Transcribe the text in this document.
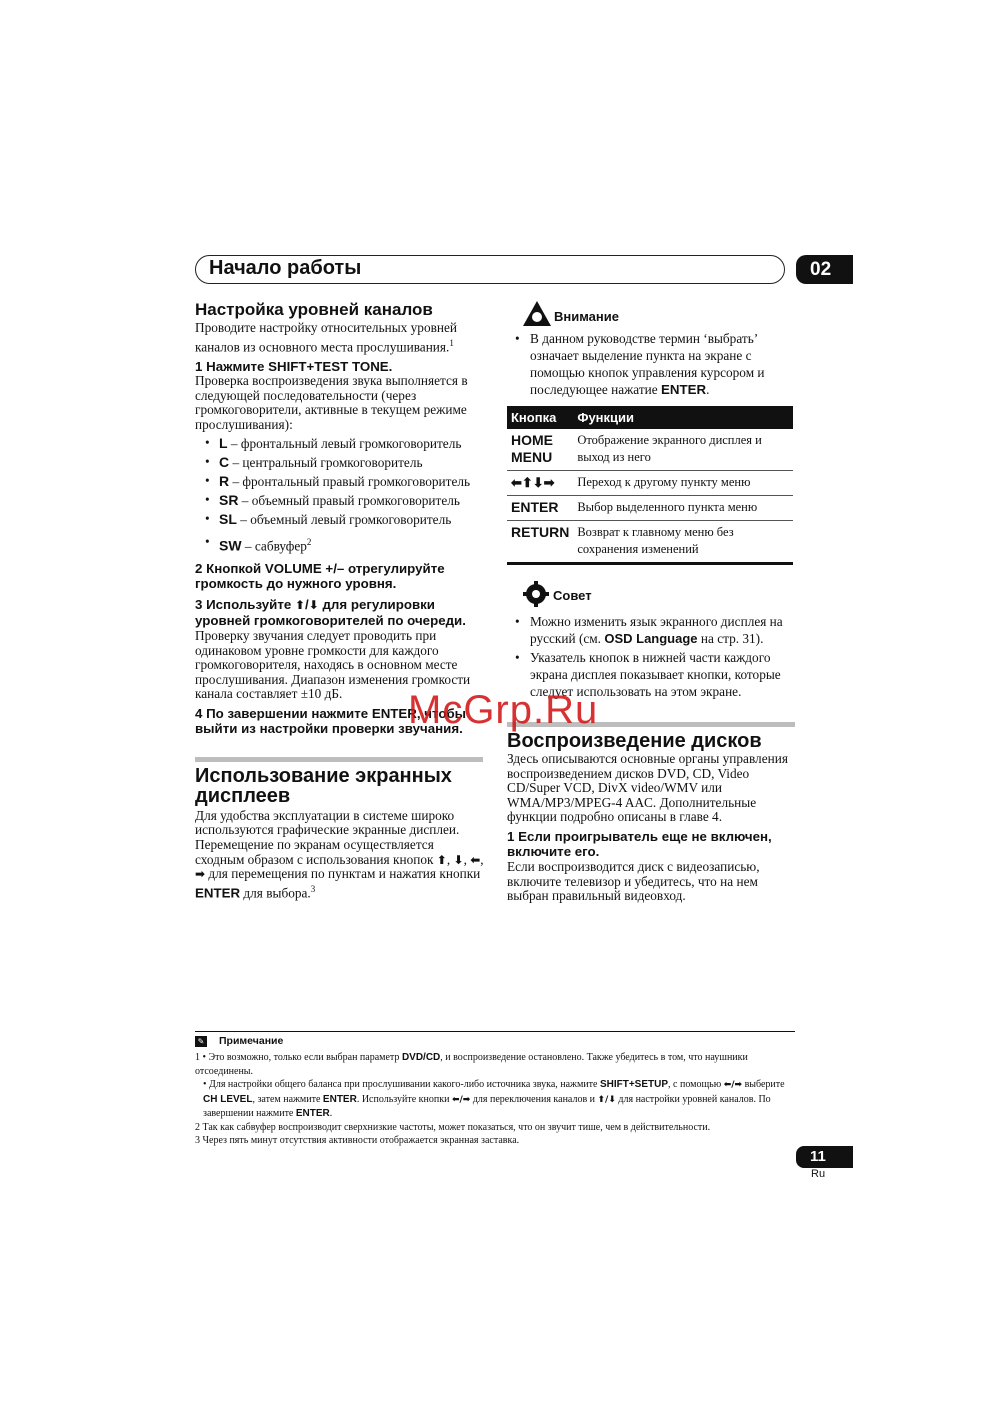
Начало работы	02
Настройка уровней каналов

Проводите настройку относительных уровней каналов из основного места прослушивания.$^1$

1 Нажмите SHIFT+TEST TONE.

Проверка воспроизведения звука выполняется в следующей последовательности (через громкоговорители, активные в текущем режиме прослушивания):

• L – фронтальный левый громкоговоритель
• C – центральный громкоговоритель
• R – фронтальный правый громкоговоритель
• SR – объемный правый громкоговоритель
• SL – объемный левый громкоговоритель
• SW – сабвуфер$^2$
2 Кнопкой VOLUME +/– отрегулируйте громкость до нужного уровня.
3 Используйте ⬆/⬇ для регулировки уровней громкоговорителей по очереди.

Проверку звучания следует проводить при одинаковом уровне громкости для каждого громкоговорителя, находясь в основном месте прослушивания. Диапазон изменения громкости канала составляет ±10 дБ.

4 По завершении нажмите ENTER, чтобы выйти из настройки проверки звучания.
Использование экранных дисплеев

Для удобства эксплуатации в системе широко используются графические экранные дисплеи. Перемещение по экранам осуществляется сходным образом с использования кнопок ⬆, ⬇, ⬅, ➡ для перемещения по пунктам и нажатия кнопки ENTER для выбора.$^3$

Внимание
• В данном руководстве термин ‘выбрать’ означает выделение пункта на экране с помощью кнопок управления курсором и последующее нажатие ENTER.
Кнопка	Функции
HOME MENU	Отображение экранного дисплея и выход из него
⬅⬆⬇➡	Переход к другому пункту меню
ENTER	Выбор выделенного пункта меню
RETURN	Возврат к главному меню без сохранения изменений
Совет
• Можно изменить язык экранного дисплея на русский (см. OSD Language на стр. 31).
• Указатель кнопок в нижней части каждого экрана дисплея показывает кнопки, которые следует использовать на этом экране.
Воспроизведение дисков

Здесь описываются основные органы управления воспроизведением дисков DVD, CD, Video CD/Super VCD, DivX video/WMV или WMA/MP3/MPEG-4 AAC. Дополнительные функции подробно описаны в главе 4.

1 Если проигрыватель еще не включен, включите его.

Если воспроизводится диск с видеозаписью, включите телевизор и убедитесь, что на нем выбран правильный видеовход.

McGrp.Ru
✎ Примечание

1 • Это возможно, только если выбран параметр DVD/CD, и воспроизведение остановлено. Также убедитесь в том, что наушники отсоединены.

• Для настройки общего баланса при прослушивании какого-либо источника звука, нажмите SHIFT+SETUP, с помощью ⬅/➡ выберите CH LEVEL, затем нажмите ENTER. Используйте кнопки ⬅/➡ для переключения каналов и ⬆/⬇ для настройки уровней каналов. По завершении нажмите ENTER.

2 Так как сабвуфер воспроизводит сверхнизкие частоты, может показаться, что он звучит тише, чем в действительности.

3 Через пять минут отсутствия активности отображается экранная заставка.

11
Ru
